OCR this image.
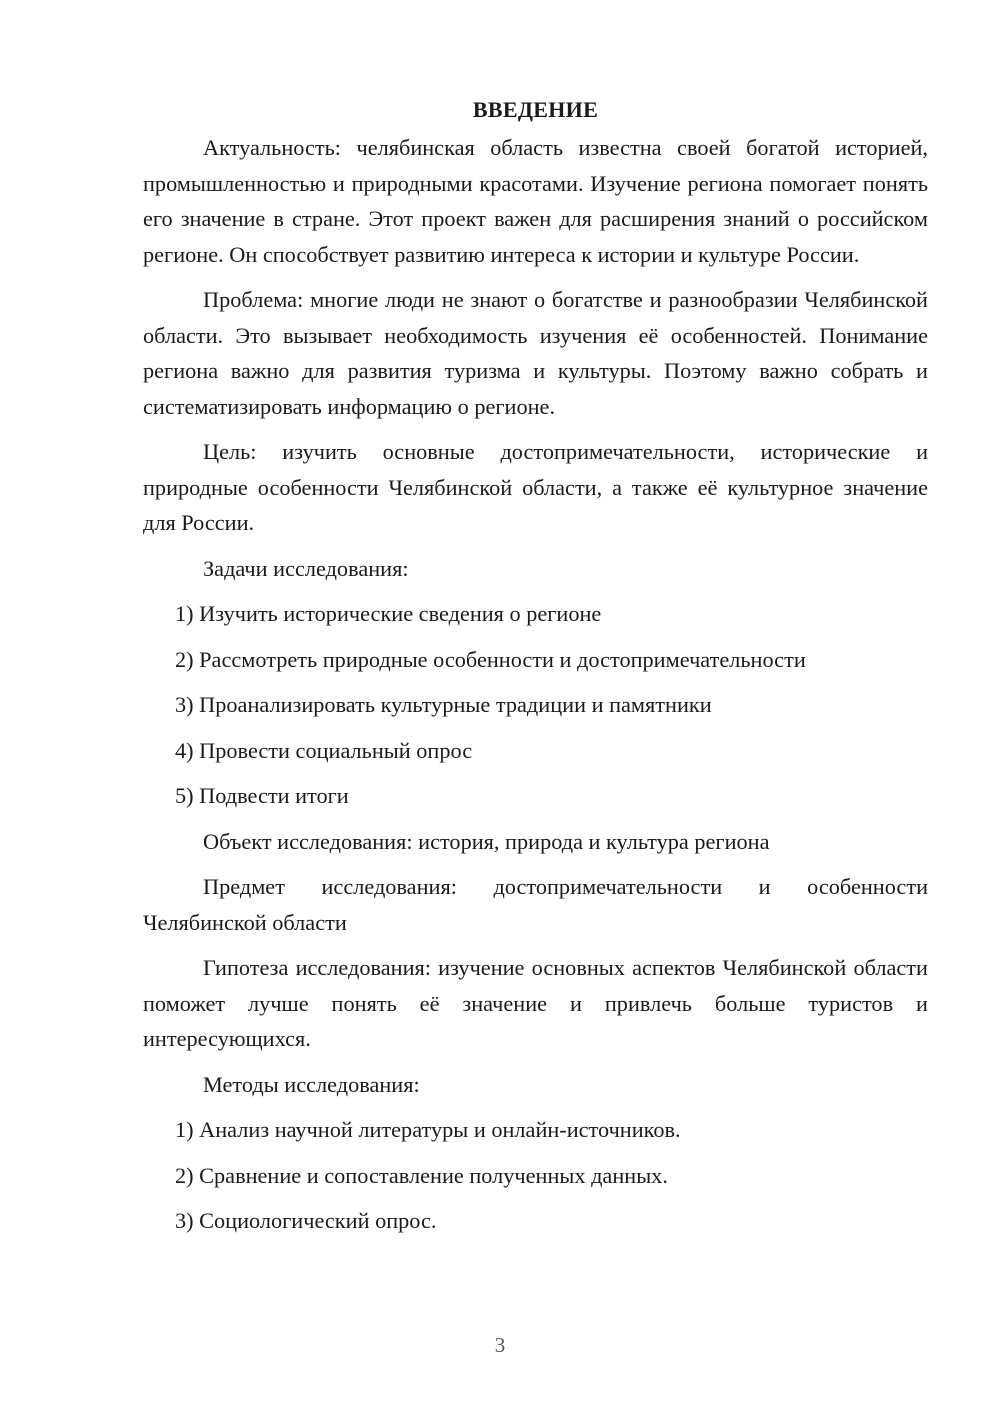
ВВЕДЕНИЕ

Актуальность: челябинская область известна своей богатой историей, промышленностью и природными красотами. Изучение региона помогает понять его значение в стране. Этот проект важен для расширения знаний о российском регионе. Он способствует развитию интереса к истории и культуре России.

Проблема: многие люди не знают о богатстве и разнообразии Челябинской области. Это вызывает необходимость изучения её особенностей. Понимание региона важно для развития туризма и культуры. Поэтому важно собрать и систематизировать информацию о регионе.

Цель: изучить основные достопримечательности, исторические и природные особенности Челябинской области, а также её культурное значение для России.

Задачи исследования:

1) Изучить исторические сведения о регионе
2) Рассмотреть природные особенности и достопримечательности
3) Проанализировать культурные традиции и памятники
4) Провести социальный опрос
5) Подвести итоги

Объект исследования: история, природа и культура региона

Предмет исследования: достопримечательности и особенности Челябинской области

Гипотеза исследования: изучение основных аспектов Челябинской области поможет лучше понять её значение и привлечь больше туристов и интересующихся.

Методы исследования:

1) Анализ научной литературы и онлайн-источников.
2) Сравнение и сопоставление полученных данных.
3) Социологический опрос.
3
